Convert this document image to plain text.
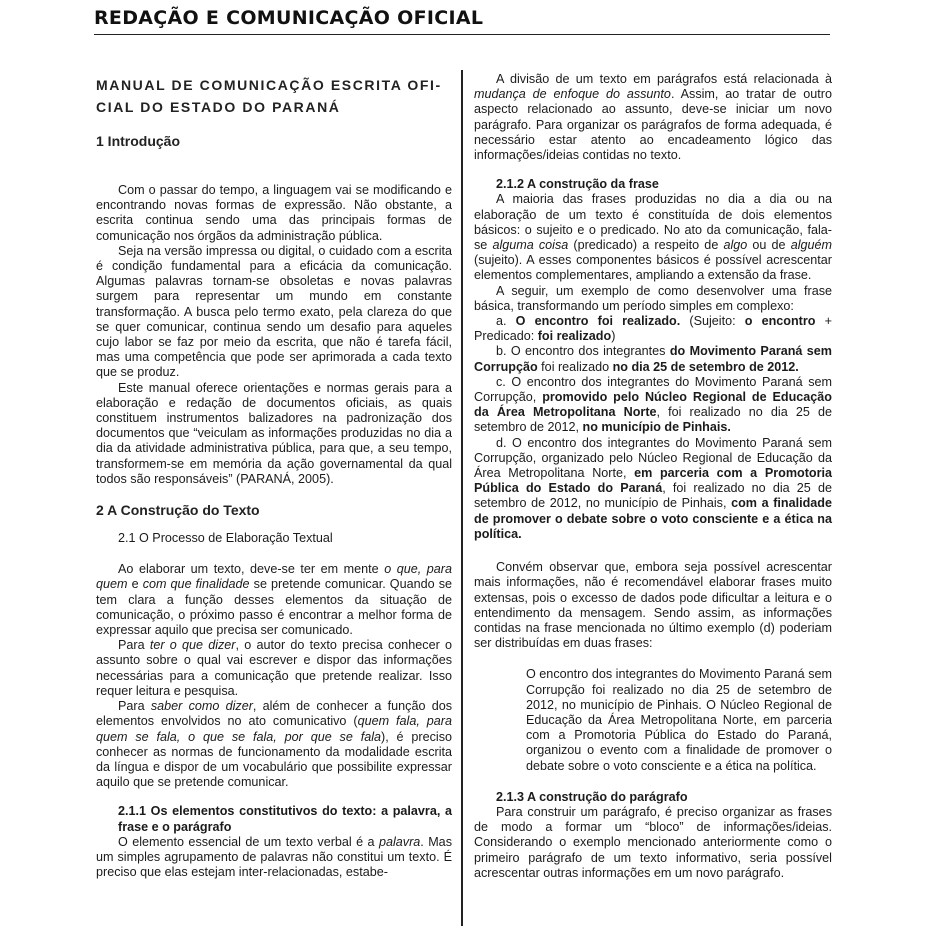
REDAÇÃO E COMUNICAÇÃO OFICIAL
MANUAL DE COMUNICAÇÃO ESCRITA OFI-CIAL DO ESTADO DO PARANÁ
1 Introdução

Com o passar do tempo, a linguagem vai se modificando e encontrando novas formas de expressão. Não obstante, a escrita continua sendo uma das principais formas de comunicação nos órgãos da administração pública.

Seja na versão impressa ou digital, o cuidado com a escrita é condição fundamental para a eficácia da comunicação. Algumas palavras tornam-se obsoletas e novas palavras surgem para representar um mundo em constante transformação. A busca pelo termo exato, pela clareza do que se quer comunicar, continua sendo um desafio para aqueles cujo labor se faz por meio da escrita, que não é tarefa fácil, mas uma competência que pode ser aprimorada a cada texto que se produz.

Este manual oferece orientações e normas gerais para a elaboração e redação de documentos oficiais, as quais constituem instrumentos balizadores na padronização dos documentos que “veiculam as informações produzidas no dia a dia da atividade administrativa pública, para que, a seu tempo, transformem-se em memória da ação governamental da qual todos são responsáveis” (PARANÁ, 2005).

2 A Construção do Texto
2.1 O Processo de Elaboração Textual

Ao elaborar um texto, deve-se ter em mente o que, para quem e com que finalidade se pretende comunicar. Quando se tem clara a função desses elementos da situação de comunicação, o próximo passo é encontrar a melhor forma de expressar aquilo que precisa ser comunicado.

Para ter o que dizer, o autor do texto precisa conhecer o assunto sobre o qual vai escrever e dispor das informações necessárias para a comunicação que pretende realizar. Isso requer leitura e pesquisa.

Para saber como dizer, além de conhecer a função dos elementos envolvidos no ato comunicativo (quem fala, para quem se fala, o que se fala, por que se fala), é preciso conhecer as normas de funcionamento da modalidade escrita da língua e dispor de um vocabulário que possibilite expressar aquilo que se pretende comunicar.

2.1.1 Os elementos constitutivos do texto: a palavra, a frase e o parágrafo

O elemento essencial de um texto verbal é a palavra. Mas um simples agrupamento de palavras não constitui um texto. É preciso que elas estejam inter-relacionadas, estabe-

A divisão de um texto em parágrafos está relacionada à mudança de enfoque do assunto. Assim, ao tratar de outro aspecto relacionado ao assunto, deve-se iniciar um novo parágrafo. Para organizar os parágrafos de forma adequada, é necessário estar atento ao encadeamento lógico das informações/ideias contidas no texto.

2.1.2 A construção da frase

A maioria das frases produzidas no dia a dia ou na elaboração de um texto é constituída de dois elementos básicos: o sujeito e o predicado. No ato da comunicação, fala-se alguma coisa (predicado) a respeito de algo ou de alguém (sujeito). A esses componentes básicos é possível acrescentar elementos complementares, ampliando a extensão da frase.

A seguir, um exemplo de como desenvolver uma frase básica, transformando um período simples em complexo:

a. O encontro foi realizado. (Sujeito: o encontro + Predicado: foi realizado)

b. O encontro dos integrantes do Movimento Paraná sem Corrupção foi realizado no dia 25 de setembro de 2012.

c. O encontro dos integrantes do Movimento Paraná sem Corrupção, promovido pelo Núcleo Regional de Educação da Área Metropolitana Norte, foi realizado no dia 25 de setembro de 2012, no município de Pinhais.

d. O encontro dos integrantes do Movimento Paraná sem Corrupção, organizado pelo Núcleo Regional de Educação da Área Metropolitana Norte, em parceria com a Promotoria Pública do Estado do Paraná, foi realizado no dia 25 de setembro de 2012, no município de Pinhais, com a finalidade de promover o debate sobre o voto consciente e a ética na política.

Convém observar que, embora seja possível acrescentar mais informações, não é recomendável elaborar frases muito extensas, pois o excesso de dados pode dificultar a leitura e o entendimento da mensagem. Sendo assim, as informações contidas na frase mencionada no último exemplo (d) poderiam ser distribuídas em duas frases:

O encontro dos integrantes do Movimento Paraná sem Corrupção foi realizado no dia 25 de setembro de 2012, no município de Pinhais. O Núcleo Regional de Educação da Área Metropolitana Norte, em parceria com a Promotoria Pública do Estado do Paraná, organizou o evento com a finalidade de promover o debate sobre o voto consciente e a ética na política.

2.1.3 A construção do parágrafo

Para construir um parágrafo, é preciso organizar as frases de modo a formar um “bloco” de informações/ideias. Considerando o exemplo mencionado anteriormente como o primeiro parágrafo de um texto informativo, seria possível acrescentar outras informações em um novo parágrafo.
